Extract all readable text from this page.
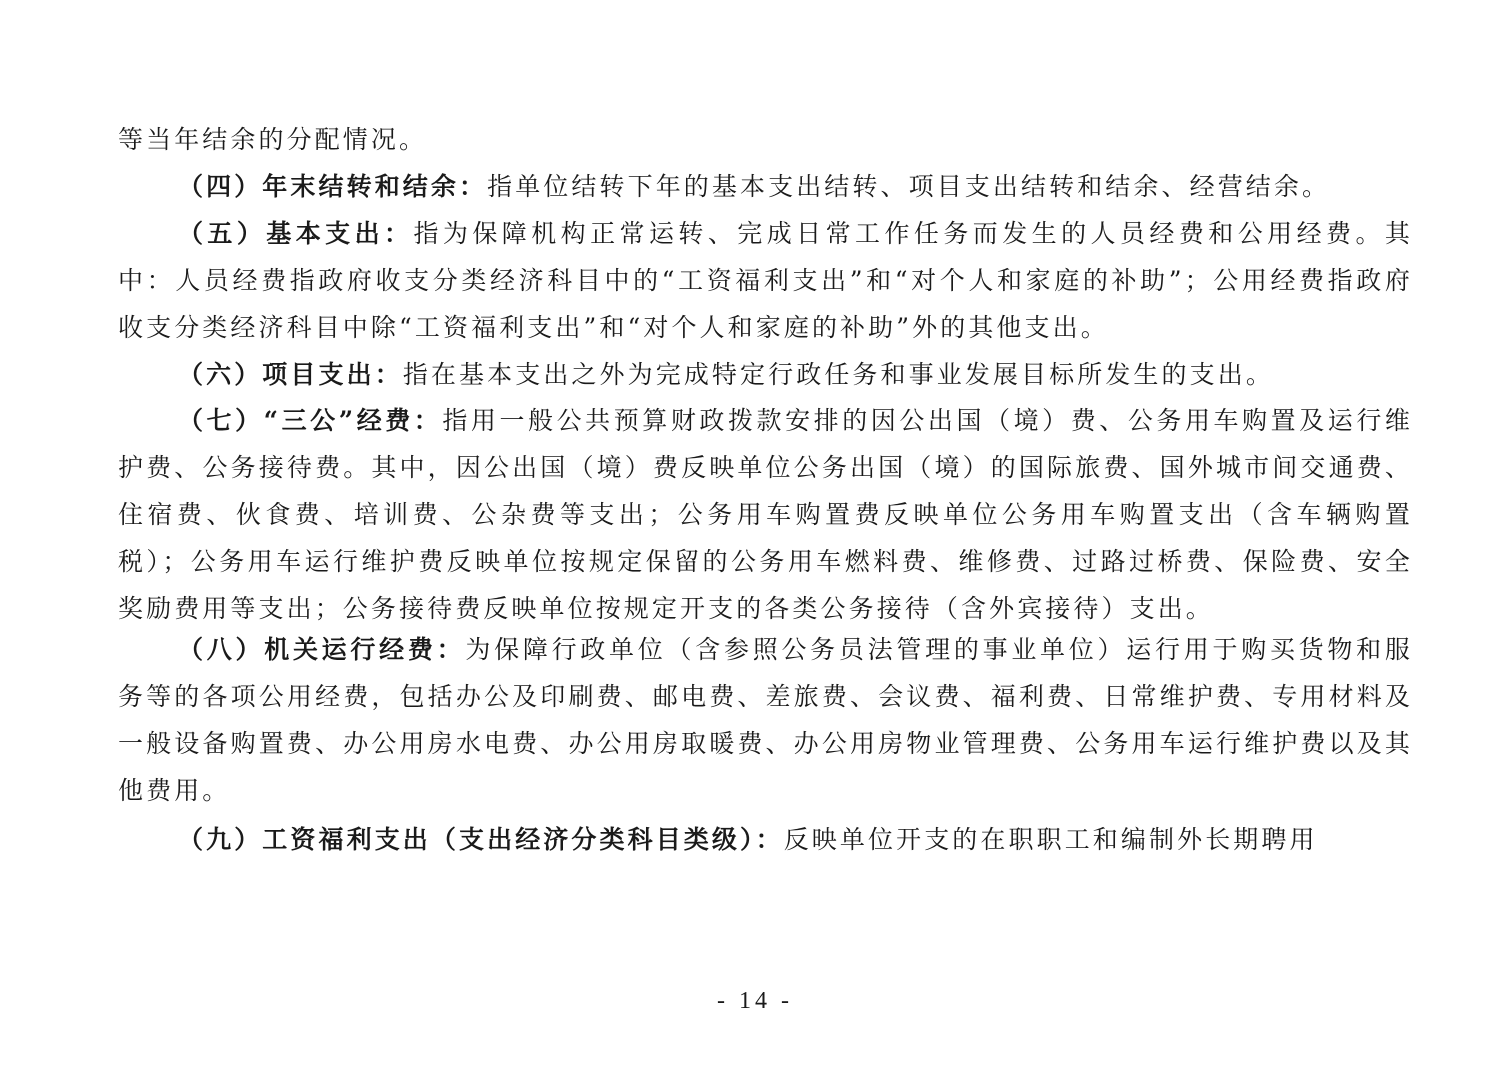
等当年结余的分配情况。

（四）年末结转和结余：指单位结转下年的基本支出结转、项目支出结转和结余、经营结余。

（五）基本支出：指为保障机构正常运转、完成日常工作任务而发生的人员经费和公用经费。其中：人员经费指政府收支分类经济科目中的“工资福利支出”和“对个人和家庭的补助”；公用经费指政府收支分类经济科目中除“工资福利支出”和“对个人和家庭的补助”外的其他支出。

（六）项目支出：指在基本支出之外为完成特定行政任务和事业发展目标所发生的支出。

（七）“三公”经费：指用一般公共预算财政拨款安排的因公出国（境）费、公务用车购置及运行维护费、公务接待费。其中，因公出国（境）费反映单位公务出国（境）的国际旅费、国外城市间交通费、住宿费、伙食费、培训费、公杂费等支出；公务用车购置费反映单位公务用车购置支出（含车辆购置税）；公务用车运行维护费反映单位按规定保留的公务用车燃料费、维修费、过路过桥费、保险费、安全奖励费用等支出；公务接待费反映单位按规定开支的各类公务接待（含外宾接待）支出。

（八）机关运行经费：为保障行政单位（含参照公务员法管理的事业单位）运行用于购买货物和服务等的各项公用经费，包括办公及印刷费、邮电费、差旅费、会议费、福利费、日常维护费、专用材料及一般设备购置费、办公用房水电费、办公用房取暖费、办公用房物业管理费、公务用车运行维护费以及其他费用。

（九）工资福利支出（支出经济分类科目类级）：反映单位开支的在职职工和编制外长期聘用

- 14 -
